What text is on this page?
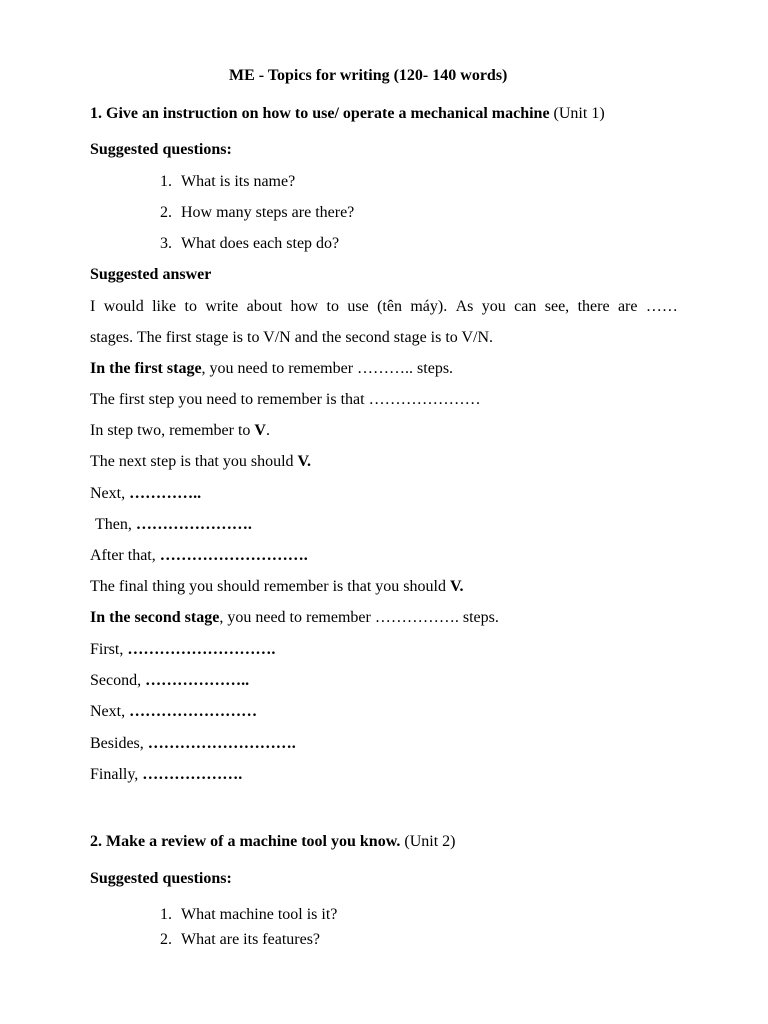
ME - Topics for writing (120- 140 words)
1. Give an instruction on how to use/ operate a mechanical machine (Unit 1)
Suggested questions:
1. What is its name?
2. How many steps are there?
3. What does each step do?
Suggested answer
I would like to write about how to use (tên máy). As you can see, there are ……
stages. The first stage is to V/N and the second stage is to V/N.
In the first stage, you need to remember ……….. steps.
The first step you need to remember is that …………………
In step two, remember to V.
The next step is that you should V.
Next, …………..
Then, ………………….
After that, ……………………….
The final thing you should remember is that you should V.
In the second stage, you need to remember ……………. steps.
First, ……………………….
Second, ………………..
Next, ……………………
Besides, ……………………….
Finally, ……………….
2. Make a review of a machine tool you know. (Unit 2)
Suggested questions:
1. What machine tool is it?
2. What are its features?
